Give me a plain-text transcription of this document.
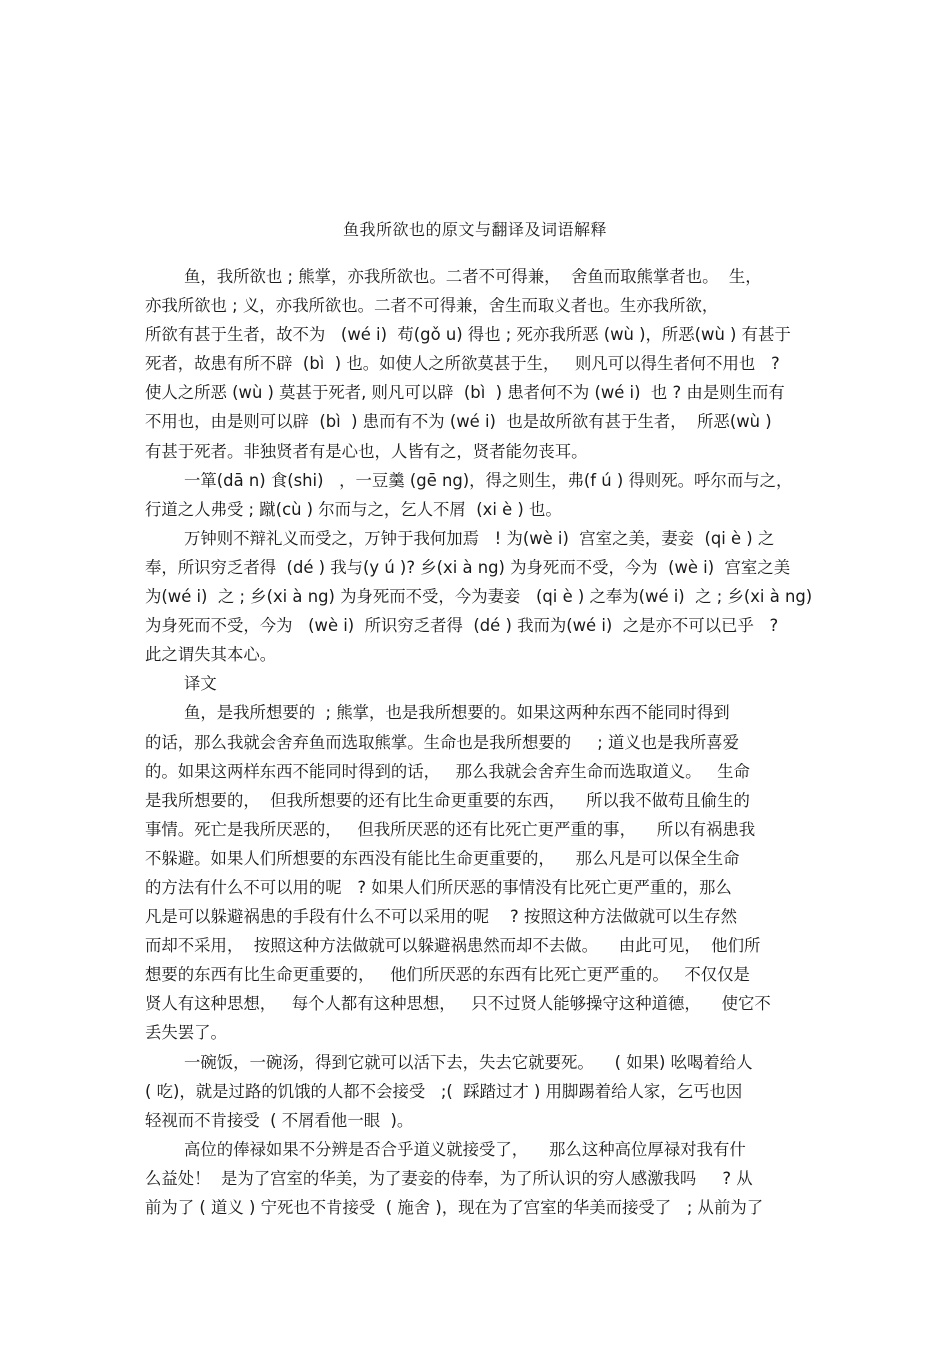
鱼我所欲也的原文与翻译及词语解释
鱼，我所欲也 ; 熊掌，亦我所欲也。二者不可得兼，  舍鱼而取熊掌者也。  生，
亦我所欲也 ; 义，亦我所欲也。二者不可得兼，舍生而取义者也。生亦我所欲，
所欲有甚于生者，故不为   (wé i)  苟(gǒ u) 得也 ; 死亦我所恶 (wù )，所恶(wù ) 有甚于
死者，故患有所不辟  (bì  ) 也。如使人之所欲莫甚于生，   则凡可以得生者何不用也   ?
使人之所恶 (wù ) 莫甚于死者, 则凡可以辟  (bì  ) 患者何不为 (wé i)  也 ? 由是则生而有
不用也，由是则可以辟  (bì  ) 患而有不为 (wé i)  也是故所欲有甚于生者，  所恶(wù )
有甚于死者。非独贤者有是心也，人皆有之，贤者能勿丧耳。
一箪(dā n) 食(shi)   ，一豆羹 (gē ng)，得之则生，弗(f ú ) 得则死。呼尔而与之，
行道之人弗受 ; 蹴(cù ) 尔而与之，乞人不屑  (xi è ) 也。
万钟则不辩礼义而受之，万钟于我何加焉   ! 为(wè i)  宫室之美，妻妾  (qi è ) 之
奉，所识穷乏者得  (dé ) 我与(y ú )? 乡(xi à ng) 为身死而不受，今为  (wè i)  宫室之美
为(wé i)  之 ; 乡(xi à ng) 为身死而不受，今为妻妾   (qi è ) 之奉为(wé i)  之 ; 乡(xi à ng)
为身死而不受，今为   (wè i)  所识穷乏者得  (dé ) 我而为(wé i)  之是亦不可以已乎   ?
此之谓失其本心。
译文
鱼，是我所想要的  ; 熊掌，也是我所想要的。如果这两种东西不能同时得到
的话，那么我就会舍弃鱼而选取熊掌。生命也是我所想要的     ; 道义也是我所喜爱
的。如果这两样东西不能同时得到的话，   那么我就会舍弃生命而选取道义。   生命
是我所想要的，  但我所想要的还有比生命更重要的东西，    所以我不做苟且偷生的
事情。死亡是我所厌恶的，   但我所厌恶的还有比死亡更严重的事，    所以有祸患我
不躲避。如果人们所想要的东西没有能比生命更重要的，    那么凡是可以保全生命
的方法有什么不可以用的呢   ? 如果人们所厌恶的事情没有比死亡更严重的，那么
凡是可以躲避祸患的手段有什么不可以采用的呢    ? 按照这种方法做就可以生存然
而却不采用，  按照这种方法做就可以躲避祸患然而却不去做。    由此可见，  他们所
想要的东西有比生命更重要的，   他们所厌恶的东西有比死亡更严重的。   不仅仅是
贤人有这种思想，   每个人都有这种思想，   只不过贤人能够操守这种道德，    使它不
丢失罢了。
一碗饭，一碗汤，得到它就可以活下去，失去它就要死。    ( 如果) 吆喝着给人
( 吃)，就是过路的饥饿的人都不会接受   ;(  踩踏过才 ) 用脚踢着给人家，乞丐也因
轻视而不肯接受  ( 不屑看他一眼  )。
高位的俸禄如果不分辨是否合乎道义就接受了，    那么这种高位厚禄对我有什
么益处！  是为了宫室的华美，为了妻妾的侍奉，为了所认识的穷人感激我吗     ? 从
前为了 ( 道义 ) 宁死也不肯接受  ( 施舍 )，现在为了宫室的华美而接受了   ; 从前为了
